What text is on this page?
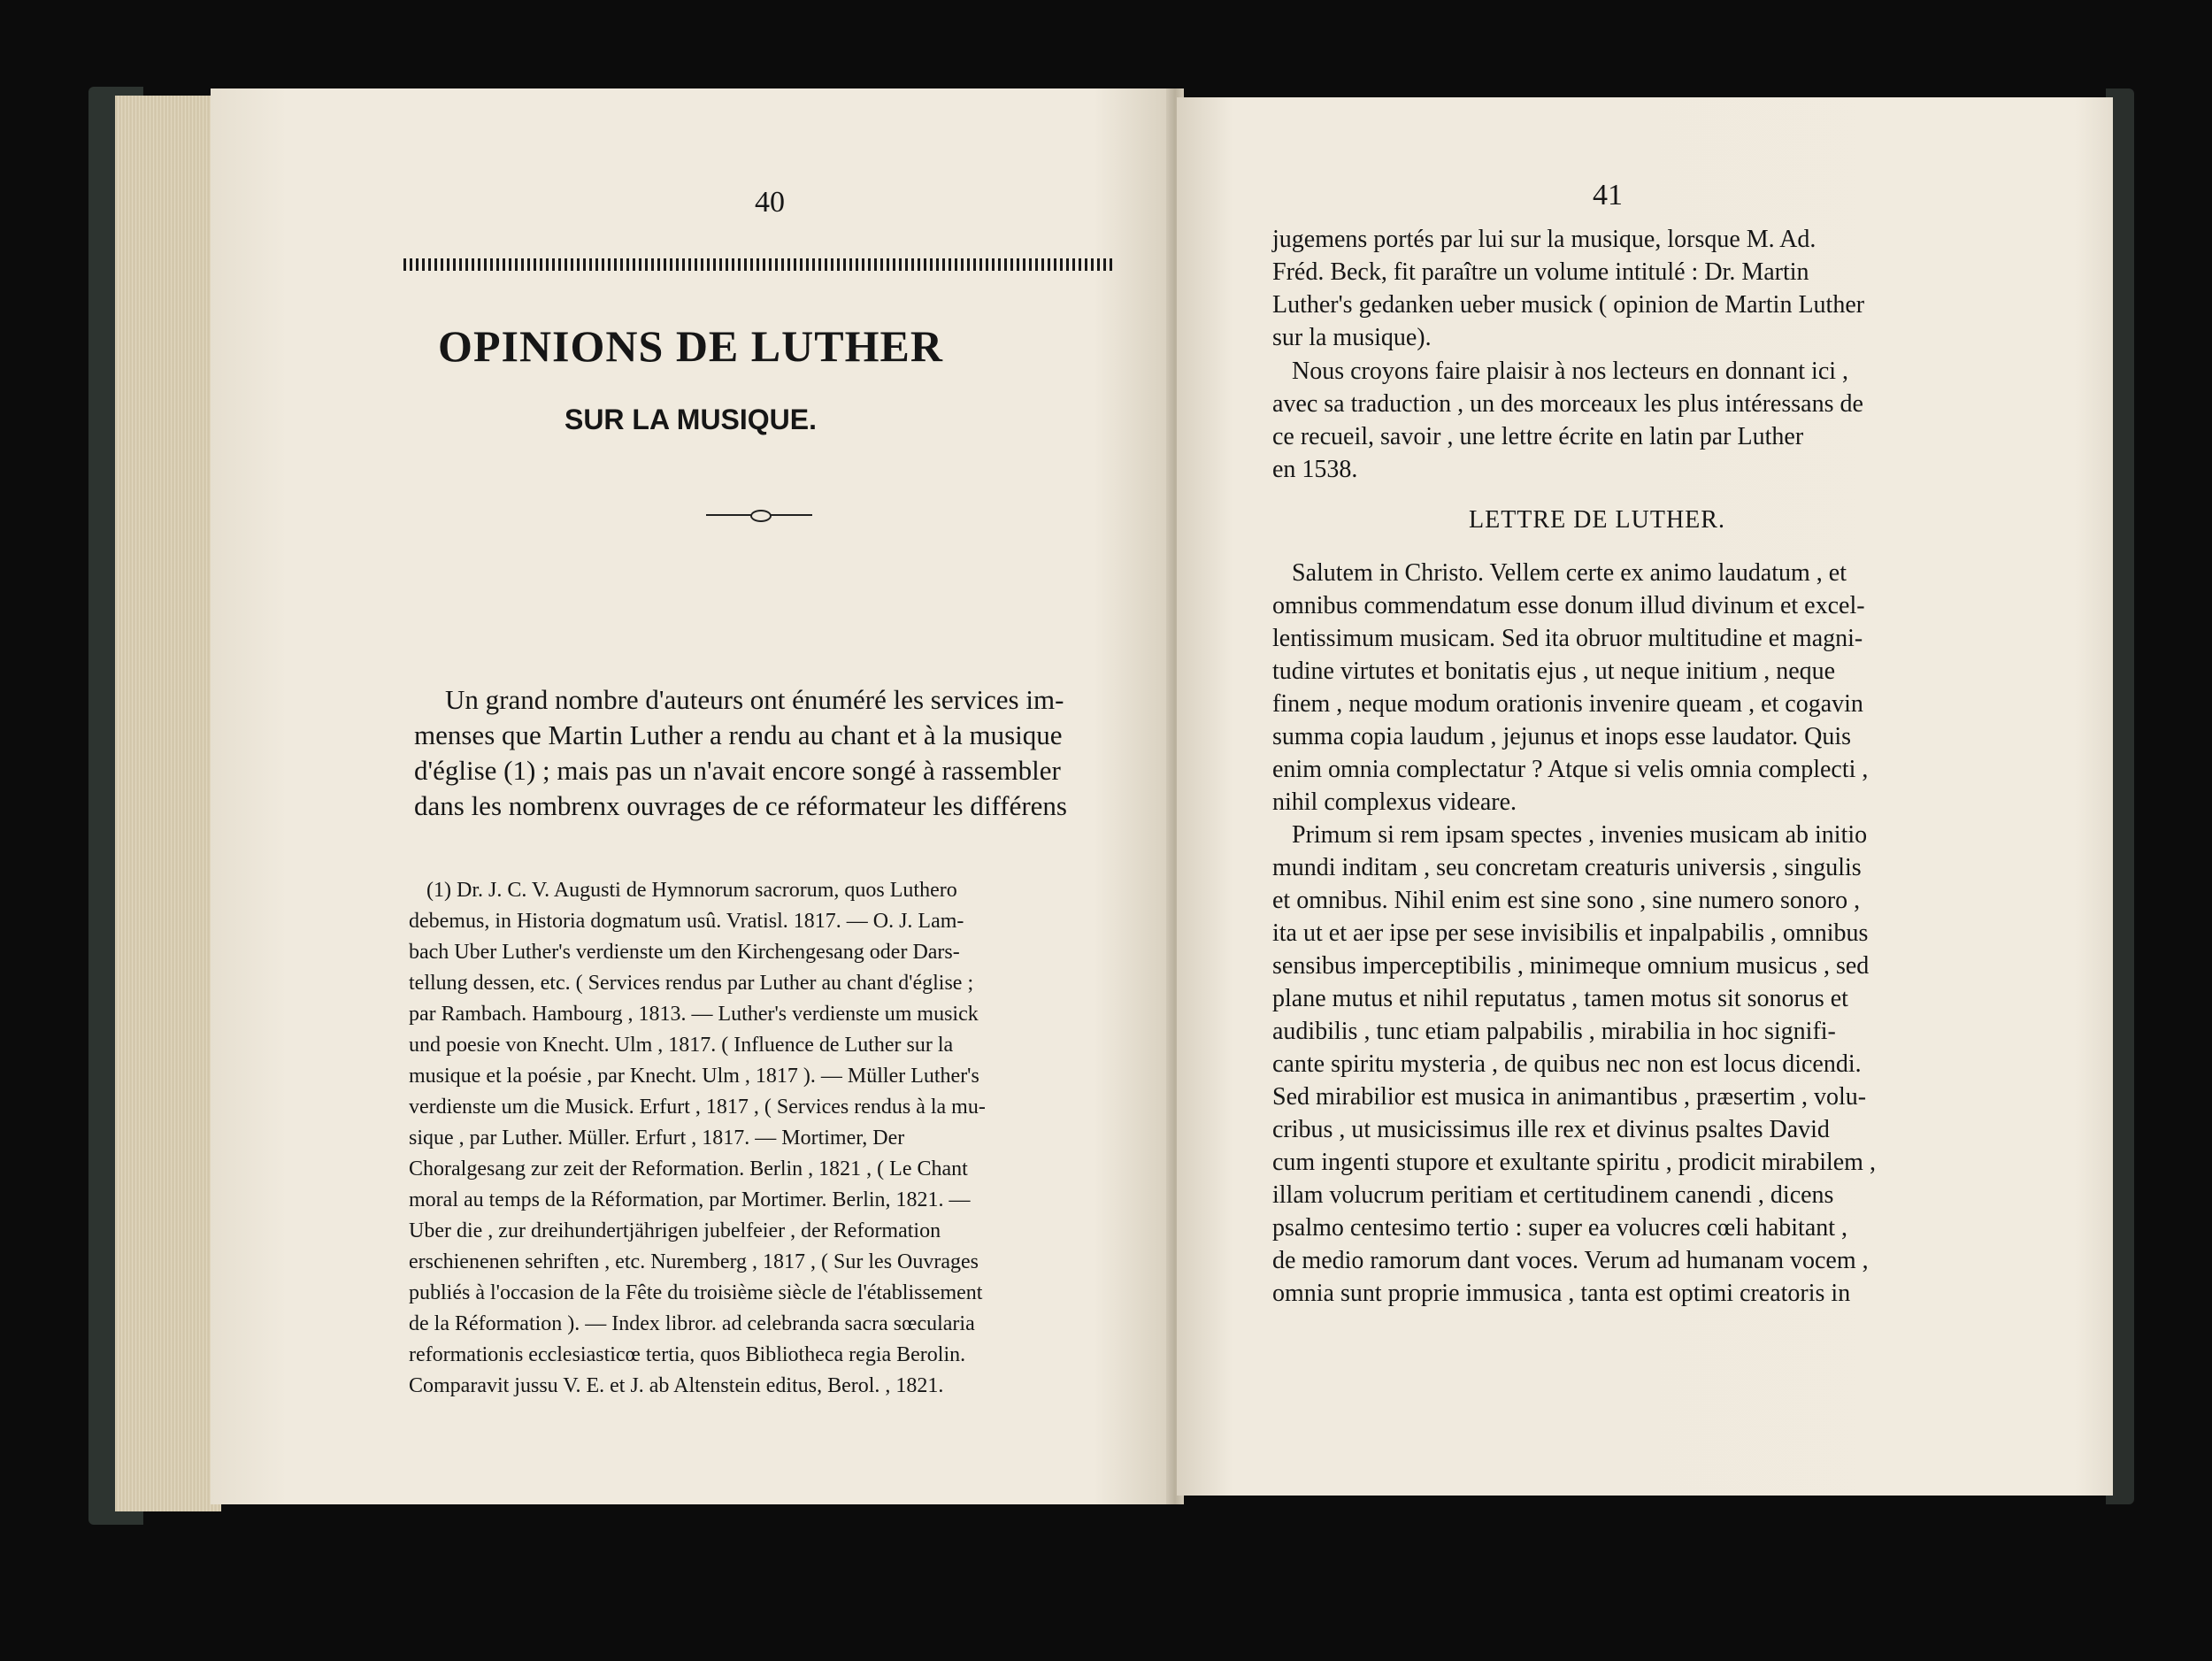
40
OPINIONS DE LUTHER
SUR LA MUSIQUE.
Un grand nombre d'auteurs ont énuméré les services im-
menses que Martin Luther a rendu au chant et à la musique
d'église (1) ; mais pas un n'avait encore songé à rassembler
dans les nombrenx ouvrages de ce réformateur les différens
(1) Dr. J. C. V. Augusti de Hymnorum sacrorum, quos Luthero
debemus, in Historia dogmatum usû. Vratisl. 1817. — O. J. Lam-
bach Uber Luther's verdienste um den Kirchengesang oder Dars-
tellung dessen, etc. ( Services rendus par Luther au chant d'église ;
par Rambach. Hambourg , 1813. — Luther's verdienste um musick
und poesie von Knecht. Ulm , 1817. ( Influence de Luther sur la
musique et la poésie , par Knecht. Ulm , 1817 ). — Müller Luther's
verdienste um die Musick. Erfurt , 1817 , ( Services rendus à la mu-
sique , par Luther. Müller. Erfurt , 1817. — Mortimer, Der
Choralgesang zur zeit der Reformation. Berlin , 1821 , ( Le Chant
moral au temps de la Réformation, par Mortimer. Berlin, 1821. —
Uber die , zur dreihundertjährigen jubelfeier , der Reformation
erschienenen sehriften , etc. Nuremberg , 1817 , ( Sur les Ouvrages
publiés à l'occasion de la Fête du troisième siècle de l'établissement
de la Réformation ). — Index libror. ad celebranda sacra sœcularia
reformationis ecclesiasticœ tertia, quos Bibliotheca regia Berolin.
Comparavit jussu V. E. et J. ab Altenstein editus, Berol. , 1821.
41
jugemens portés par lui sur la musique, lorsque M. Ad.
Fréd. Beck, fit paraître un volume intitulé : Dr. Martin
Luther's gedanken ueber musick ( opinion de Martin Luther
sur la musique).
Nous croyons faire plaisir à nos lecteurs en donnant ici ,
avec sa traduction , un des morceaux les plus intéressans de
ce recueil, savoir , une lettre écrite en latin par Luther
en 1538.
LETTRE DE LUTHER.
Salutem in Christo. Vellem certe ex animo laudatum , et
omnibus commendatum esse donum illud divinum et excel-
lentissimum musicam. Sed ita obruor multitudine et magni-
tudine virtutes et bonitatis ejus , ut neque initium , neque
finem , neque modum orationis invenire queam , et cogavin
summa copia laudum , jejunus et inops esse laudator. Quis
enim omnia complectatur ? Atque si velis omnia complecti ,
nihil complexus videare.
Primum si rem ipsam spectes , invenies musicam ab initio
mundi inditam , seu concretam creaturis universis , singulis
et omnibus. Nihil enim est sine sono , sine numero sonoro ,
ita ut et aer ipse per sese invisibilis et inpalpabilis , omnibus
sensibus imperceptibilis , minimeque omnium musicus , sed
plane mutus et nihil reputatus , tamen motus sit sonorus et
audibilis , tunc etiam palpabilis , mirabilia in hoc signifi-
cante spiritu mysteria , de quibus nec non est locus dicendi.
Sed mirabilior est musica in animantibus , præsertim , volu-
cribus , ut musicissimus ille rex et divinus psaltes David
cum ingenti stupore et exultante spiritu , prodicit mirabilem ,
illam volucrum peritiam et certitudinem canendi , dicens
psalmo centesimo tertio : super ea volucres cœli habitant ,
de medio ramorum dant voces. Verum ad humanam vocem ,
omnia sunt proprie immusica , tanta est optimi creatoris in
